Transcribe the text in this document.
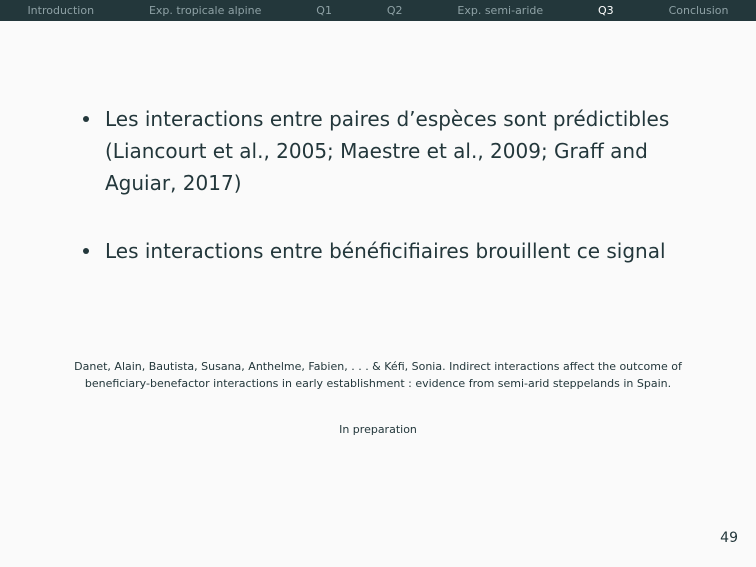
Introduction	Exp. tropicale alpine	Q1	Q2	Exp. semi-aride	Q3	Conclusion
Les interactions entre paires d’espèces sont prédictibles (Liancourt et al., 2005; Maestre et al., 2009; Graff and Aguiar, 2017)
Les interactions entre bénéficifiaires brouillent ce signal
Danet, Alain, Bautista, Susana, Anthelme, Fabien, . . . & Kéfi, Sonia. Indirect interactions affect the outcome of beneficiary-benefactor interactions in early establishment : evidence from semi-arid steppelands in Spain.
In preparation
49
